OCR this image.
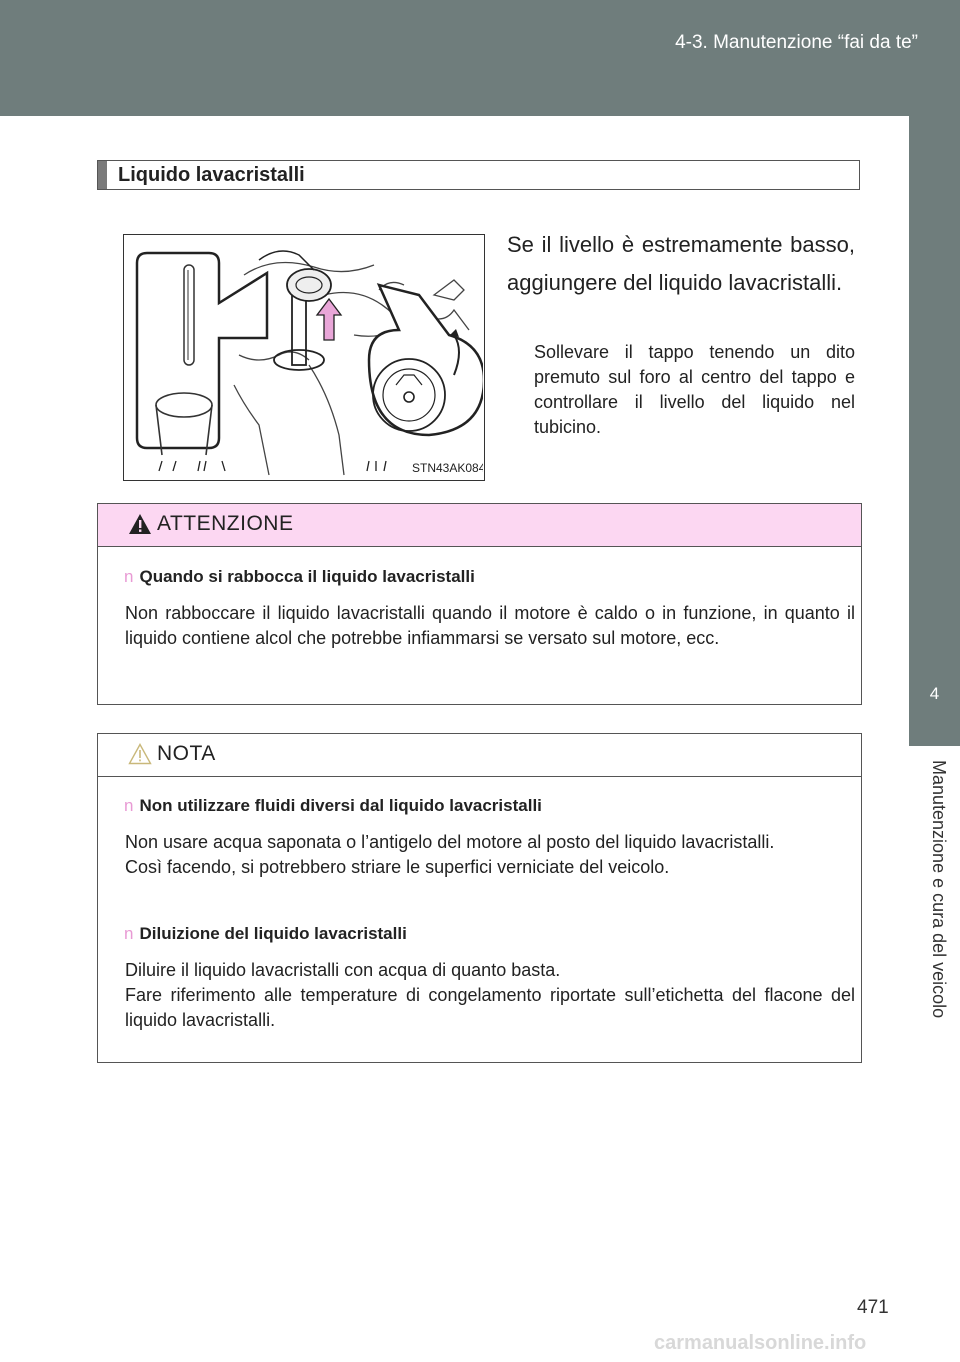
4-3. Manutenzione “fai da te”
4
Manutenzione e cura del veicolo
Liquido lavacristalli
STN43AK084
Se il livello è estremamente basso, aggiungere del liquido lavacristalli.
Sollevare il tappo tenendo un dito premuto sul foro al centro del tappo e controllare il livello del liquido nel tubicino.
ATTENZIONE
n Quando si rabbocca il liquido lavacristalli
Non rabboccare il liquido lavacristalli quando il motore è caldo o in funzione, in quanto il liquido contiene alcol che potrebbe infiammarsi se versato sul motore, ecc.
NOTA
n Non utilizzare fluidi diversi dal liquido lavacristalli
Non usare acqua saponata o l’antigelo del motore al posto del liquido lavacristalli.
Così facendo, si potrebbero striare le superfici verniciate del veicolo.
n Diluizione del liquido lavacristalli
Diluire il liquido lavacristalli con acqua di quanto basta.
Fare riferimento alle temperature di congelamento riportate sull’etichetta del flacone del liquido lavacristalli.
471
carmanualsonline.info
